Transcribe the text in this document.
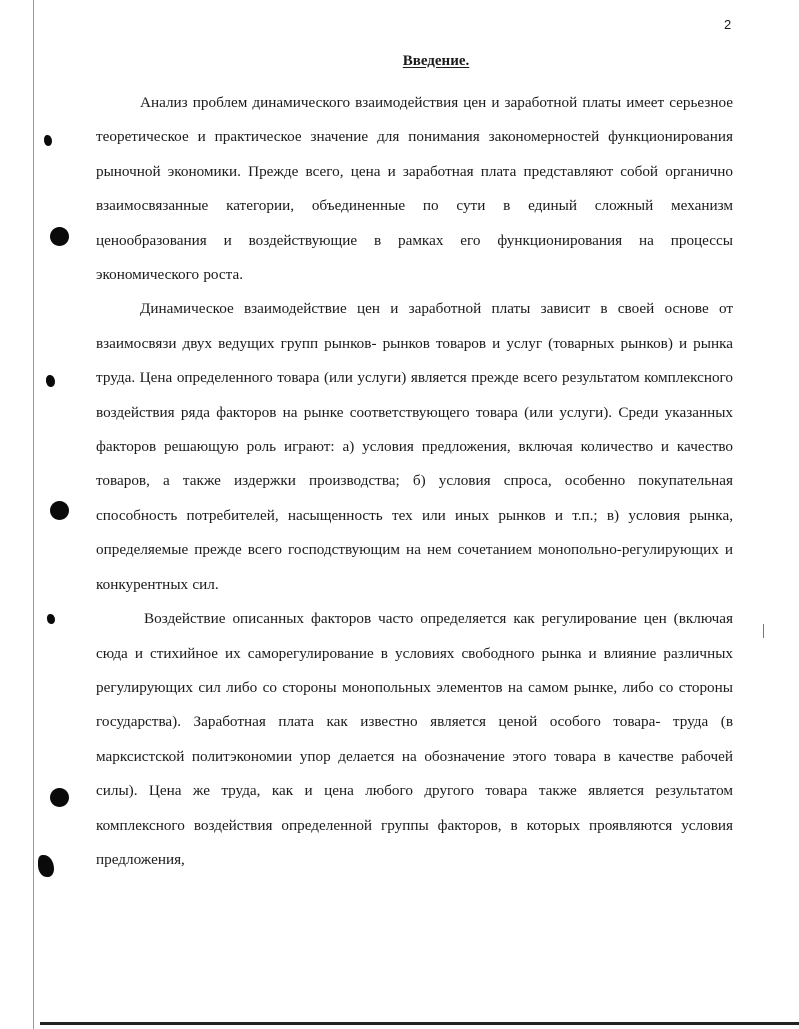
2
Введение.

Анализ проблем динамического взаимодействия цен и заработной платы имеет серьезное теоретическое и практическое значение для понимания закономерностей функционирования рыночной экономики. Прежде всего, цена и заработная плата представляют собой органично взаимосвязанные категории, объединенные по сути в единый сложный механизм ценообразования и воздействующие в рамках его функционирования на процессы экономического роста.

Динамическое взаимодействие цен и заработной платы зависит в своей основе от взаимосвязи двух ведущих групп рынков- рынков товаров и услуг (товарных рынков) и рынка труда. Цена определенного товара (или услуги) является прежде всего результатом комплексного воздействия ряда факторов на рынке соответствующего товара (или услуги). Среди указанных факторов решающую роль играют: а) условия предложения, включая количество и качество товаров, а также издержки производства; б) условия спроса, особенно покупательная способность потребителей, насыщенность тех или иных рынков и т.п.; в) условия рынка, определяемые прежде всего господствующим на нем сочетанием монопольно-регулирующих и конкурентных сил.

Воздействие описанных факторов часто определяется как регулирование цен (включая сюда и стихийное их саморегулирование в условиях свободного рынка и влияние различных регулирующих сил либо со стороны монопольных элементов на самом рынке, либо со стороны государства). Заработная плата как известно является ценой особого товара- труда (в марксистской политэкономии упор делается на обозначение этого товара в качестве рабочей силы). Цена же труда, как и цена любого другого товара также является результатом комплексного воздействия определенной группы факторов, в которых проявляются условия предложения,
